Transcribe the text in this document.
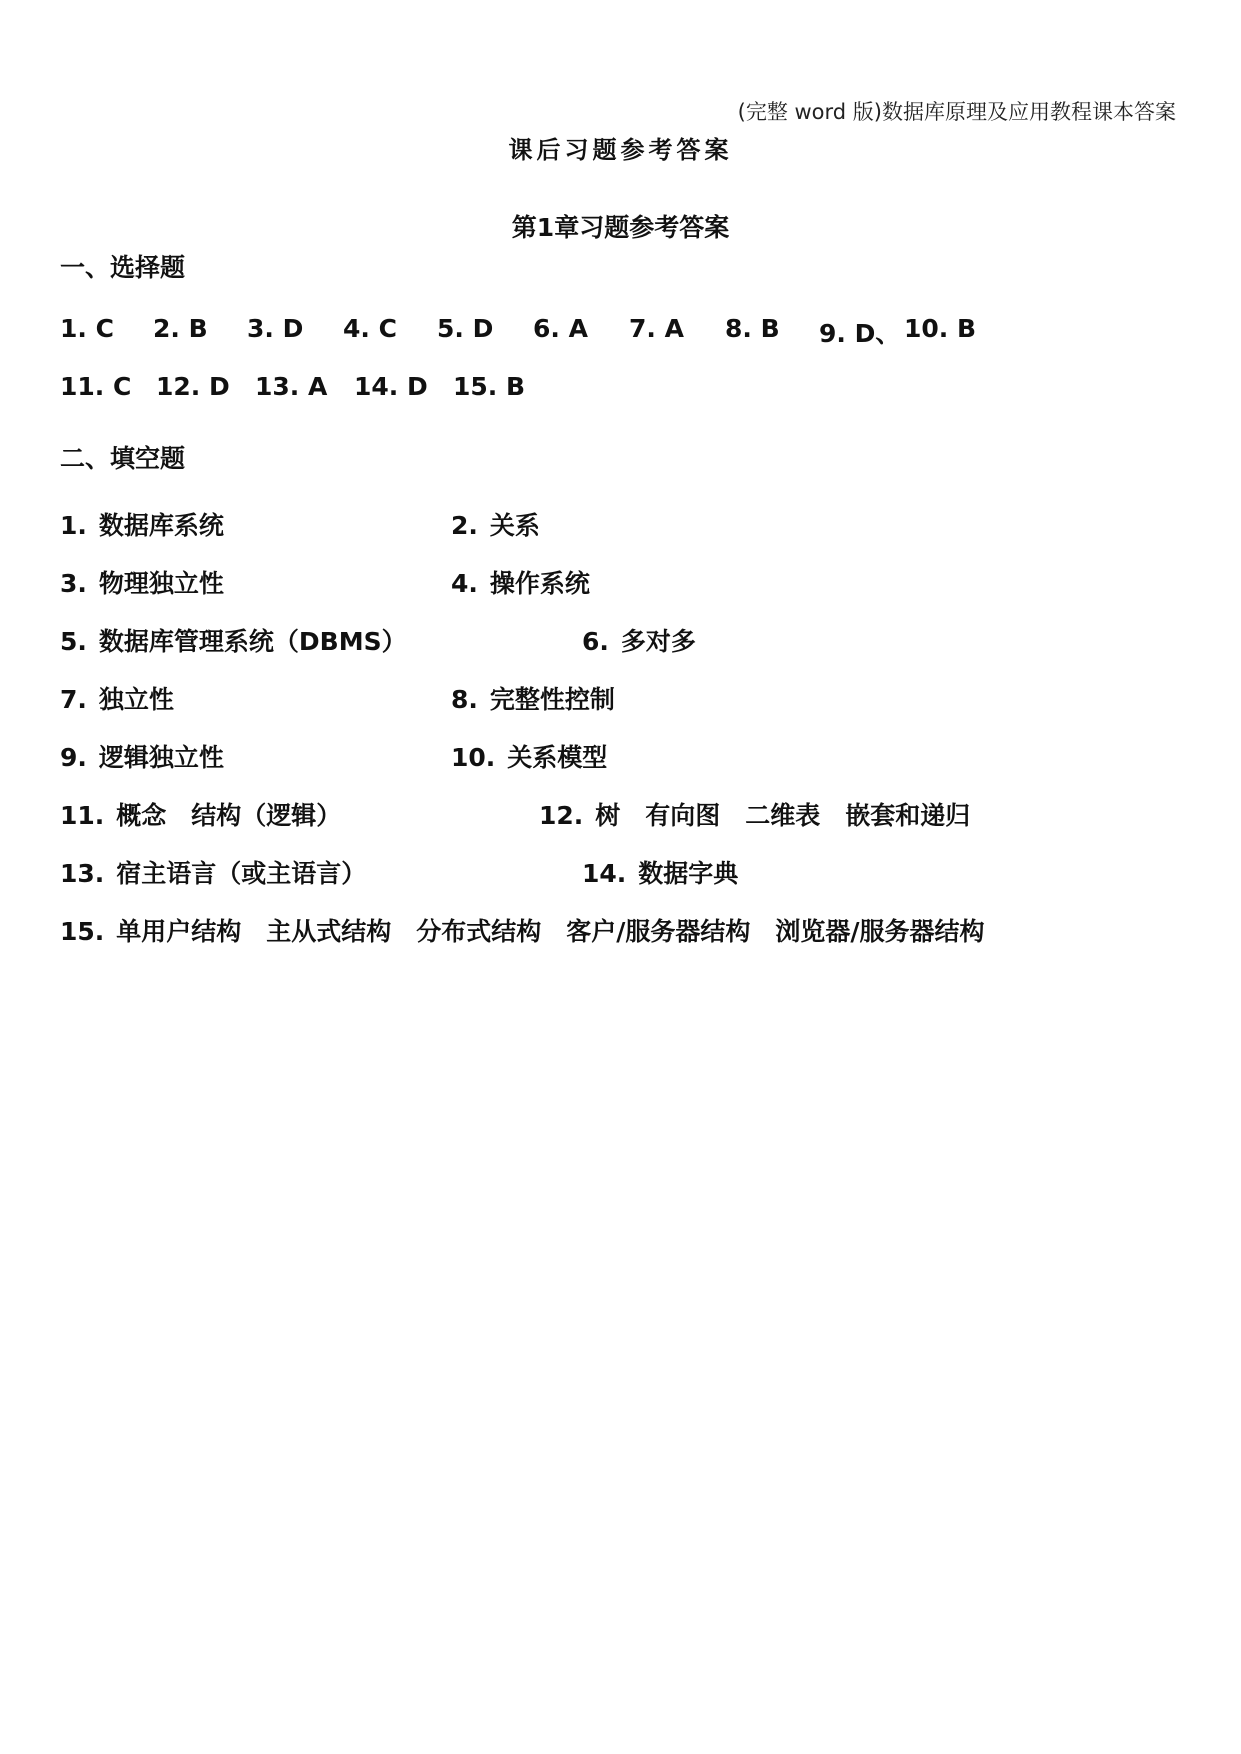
(完整 word 版)数据库原理及应用教程课本答案
课后习题参考答案
第1章习题参考答案
一、选择题
1. C 2. B 3. D 4. C 5. D 6. A 7. A 8. B 9. D、 10. B
11. C 12. D 13. A 14. D 15. B
二、填空题
1. 数据库系统	2. 关系
3. 物理独立性	4. 操作系统
5. 数据库管理系统（DBMS）	6. 多对多
7. 独立性	8. 完整性控制
9. 逻辑独立性	10. 关系模型
11. 概念　结构（逻辑）	12. 树　有向图　二维表　嵌套和递归
13. 宿主语言（或主语言）	14. 数据字典
15. 单用户结构　主从式结构　分布式结构　客户/服务器结构　浏览器/服务器结构
